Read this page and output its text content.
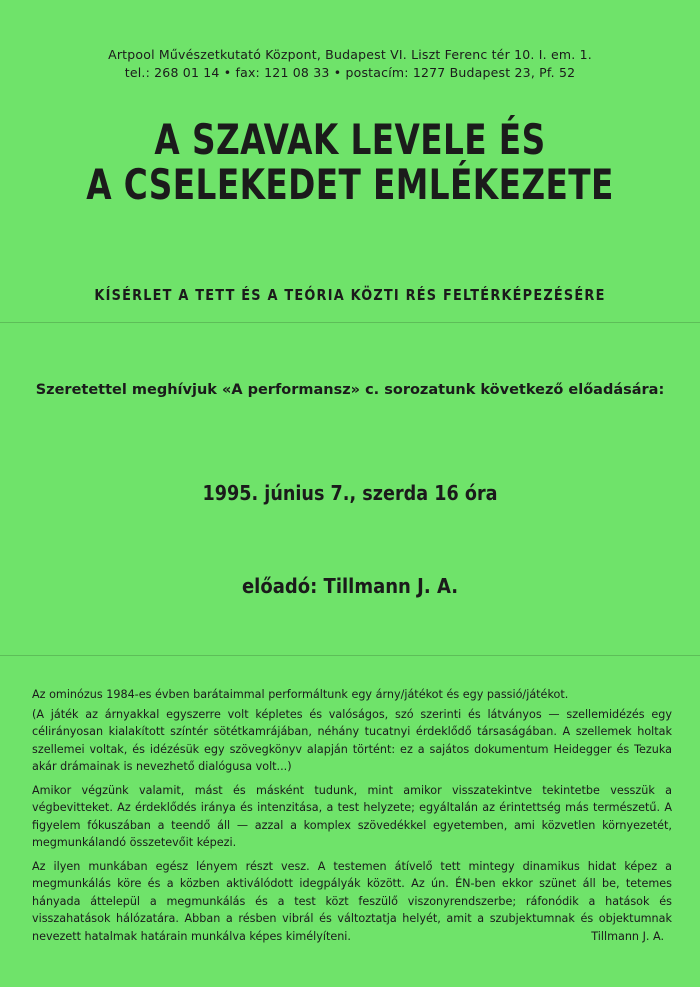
Artpool Művészetkutató Központ, Budapest VI. Liszt Ferenc tér 10. I. em. 1.
tel.: 268 01 14 • fax: 121 08 33 • postacím: 1277 Budapest 23, Pf. 52
A SZAVAK LEVELE ÉS
A CSELEKEDET EMLÉKEZETE
KÍSÉRLET A TETT ÉS A TEÓRIA KÖZTI RÉS FELTÉRKÉPEZÉSÉRE
Szeretettel meghívjuk «A performansz» c. sorozatunk következő előadására:
1995. június 7., szerda 16 óra
előadó: Tillmann J. A.

Az ominózus 1984-es évben barátaimmal performáltunk egy árny/játékot és egy passió/játékot.

(A játék az árnyakkal egyszerre volt képletes és valóságos, szó szerinti és látványos — szellemidézés egy célirányosan kialakított színtér sötétkamrájában, néhány tucatnyi érdeklődő társaságában. A szellemek holtak szellemei voltak, és idézésük egy szövegkönyv alapján történt: ez a sajátos dokumentum Heidegger és Tezuka akár drámainak is nevezhető dialógusa volt...)

Amikor végzünk valamit, mást és másként tudunk, mint amikor visszatekintve tekintetbe vesszük a végbevitteket. Az érdeklődés iránya és intenzitása, a test helyzete; egyáltalán az érintettség más természetű. A figyelem fókuszában a teendő áll — azzal a komplex szövedékkel egyetemben, ami közvetlen környezetét, megmunkálandó összetevőit képezi.

Az ilyen munkában egész lényem részt vesz. A testemen átívelő tett mintegy dinamikus hidat képez a megmunkálás köre és a közben aktiválódott idegpályák között. Az ún. ÉN-ben ekkor szünet áll be, tetemes hányada áttelepül a megmunkálás és a test közt feszülő viszonyrendszerbe; ráfonódik a hatások és visszahatások hálózatára. Abban a résben vibrál és változtatja helyét, amit a szubjektumnak és objektumnak nevezett hatalmak határain munkálva képes kimélyíteni.	Tillmann J. A.
